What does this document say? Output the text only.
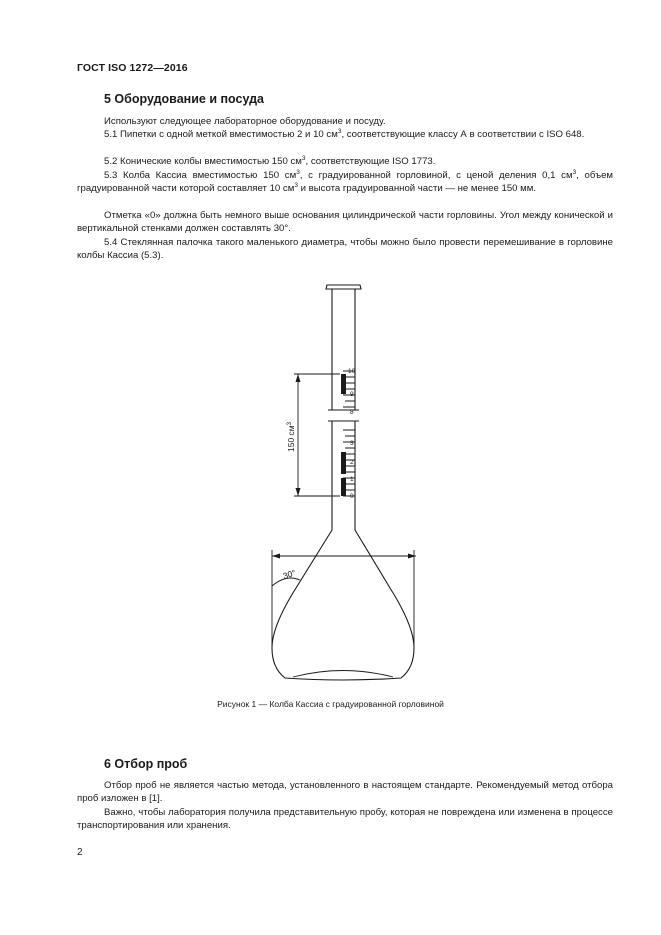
ГОСТ ISO 1272—2016
5 Оборудование и посуда
Используют следующее лабораторное оборудование и посуду.
5.1 Пипетки с одной меткой вместимостью 2 и 10 $см^3$, соответствующие классу А в соответствии с ISO 648.
5.2 Конические колбы вместимостью 150 $см^3$, соответствующие ISO 1773.
5.3 Колба Кассиа вместимостью 150 $см^3$, с градуированной горловиной, с ценой деления 0,1 $см^3$, объем градуированной части которой составляет 10 $см^3$ и высота градуированной части — не менее 150 мм.
Отметка «0» должна быть немного выше основания цилиндрической части горловины. Угол между конической и вертикальной стенками должен составлять 30°.
5.4 Стеклянная палочка такого маленького диаметра, чтобы можно было провести перемешивание в горловине колбы Кассиа (5.3).
10
9
8
3
2
1
0
150 $см^3$
30°
Рисунок 1 — Колба Кассиа с градуированной горловиной
6 Отбор проб
Отбор проб не является частью метода, установленного в настоящем стандарте. Рекомендуемый метод отбора проб изложен в [1].
Важно, чтобы лаборатория получила представительную пробу, которая не повреждена или изменена в процессе транспортирования или хранения.
2
